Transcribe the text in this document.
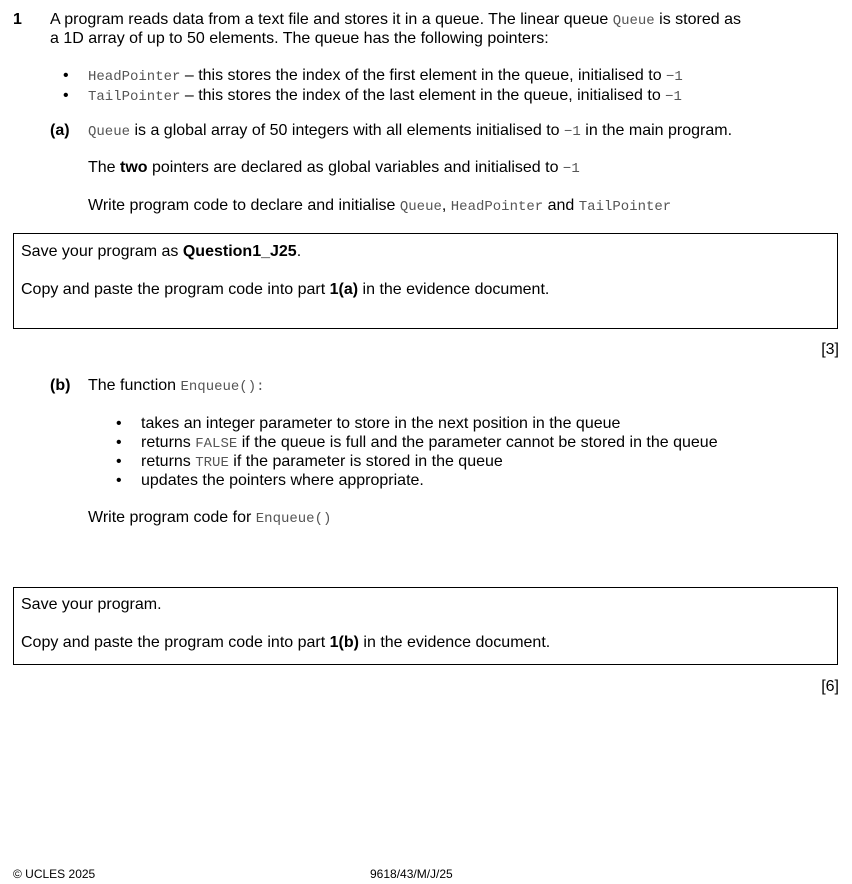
1 A program reads data from a text file and stores it in a queue. The linear queue Queue is stored as
a 1D array of up to 50 elements. The queue has the following pointers:
• HeadPointer – this stores the index of the first element in the queue, initialised to −1
• TailPointer – this stores the index of the last element in the queue, initialised to −1
(a) Queue is a global array of 50 integers with all elements initialised to −1 in the main program.
The two pointers are declared as global variables and initialised to −1
Write program code to declare and initialise Queue, HeadPointer and TailPointer
Save your program as Question1_J25.
Copy and paste the program code into part 1(a) in the evidence document.
[3]
(b) The function Enqueue():
• takes an integer parameter to store in the next position in the queue
• returns FALSE if the queue is full and the parameter cannot be stored in the queue
• returns TRUE if the parameter is stored in the queue
• updates the pointers where appropriate.
Write program code for Enqueue()
Save your program.
Copy and paste the program code into part 1(b) in the evidence document.
[6]
© UCLES 2025	9618/43/M/J/25
